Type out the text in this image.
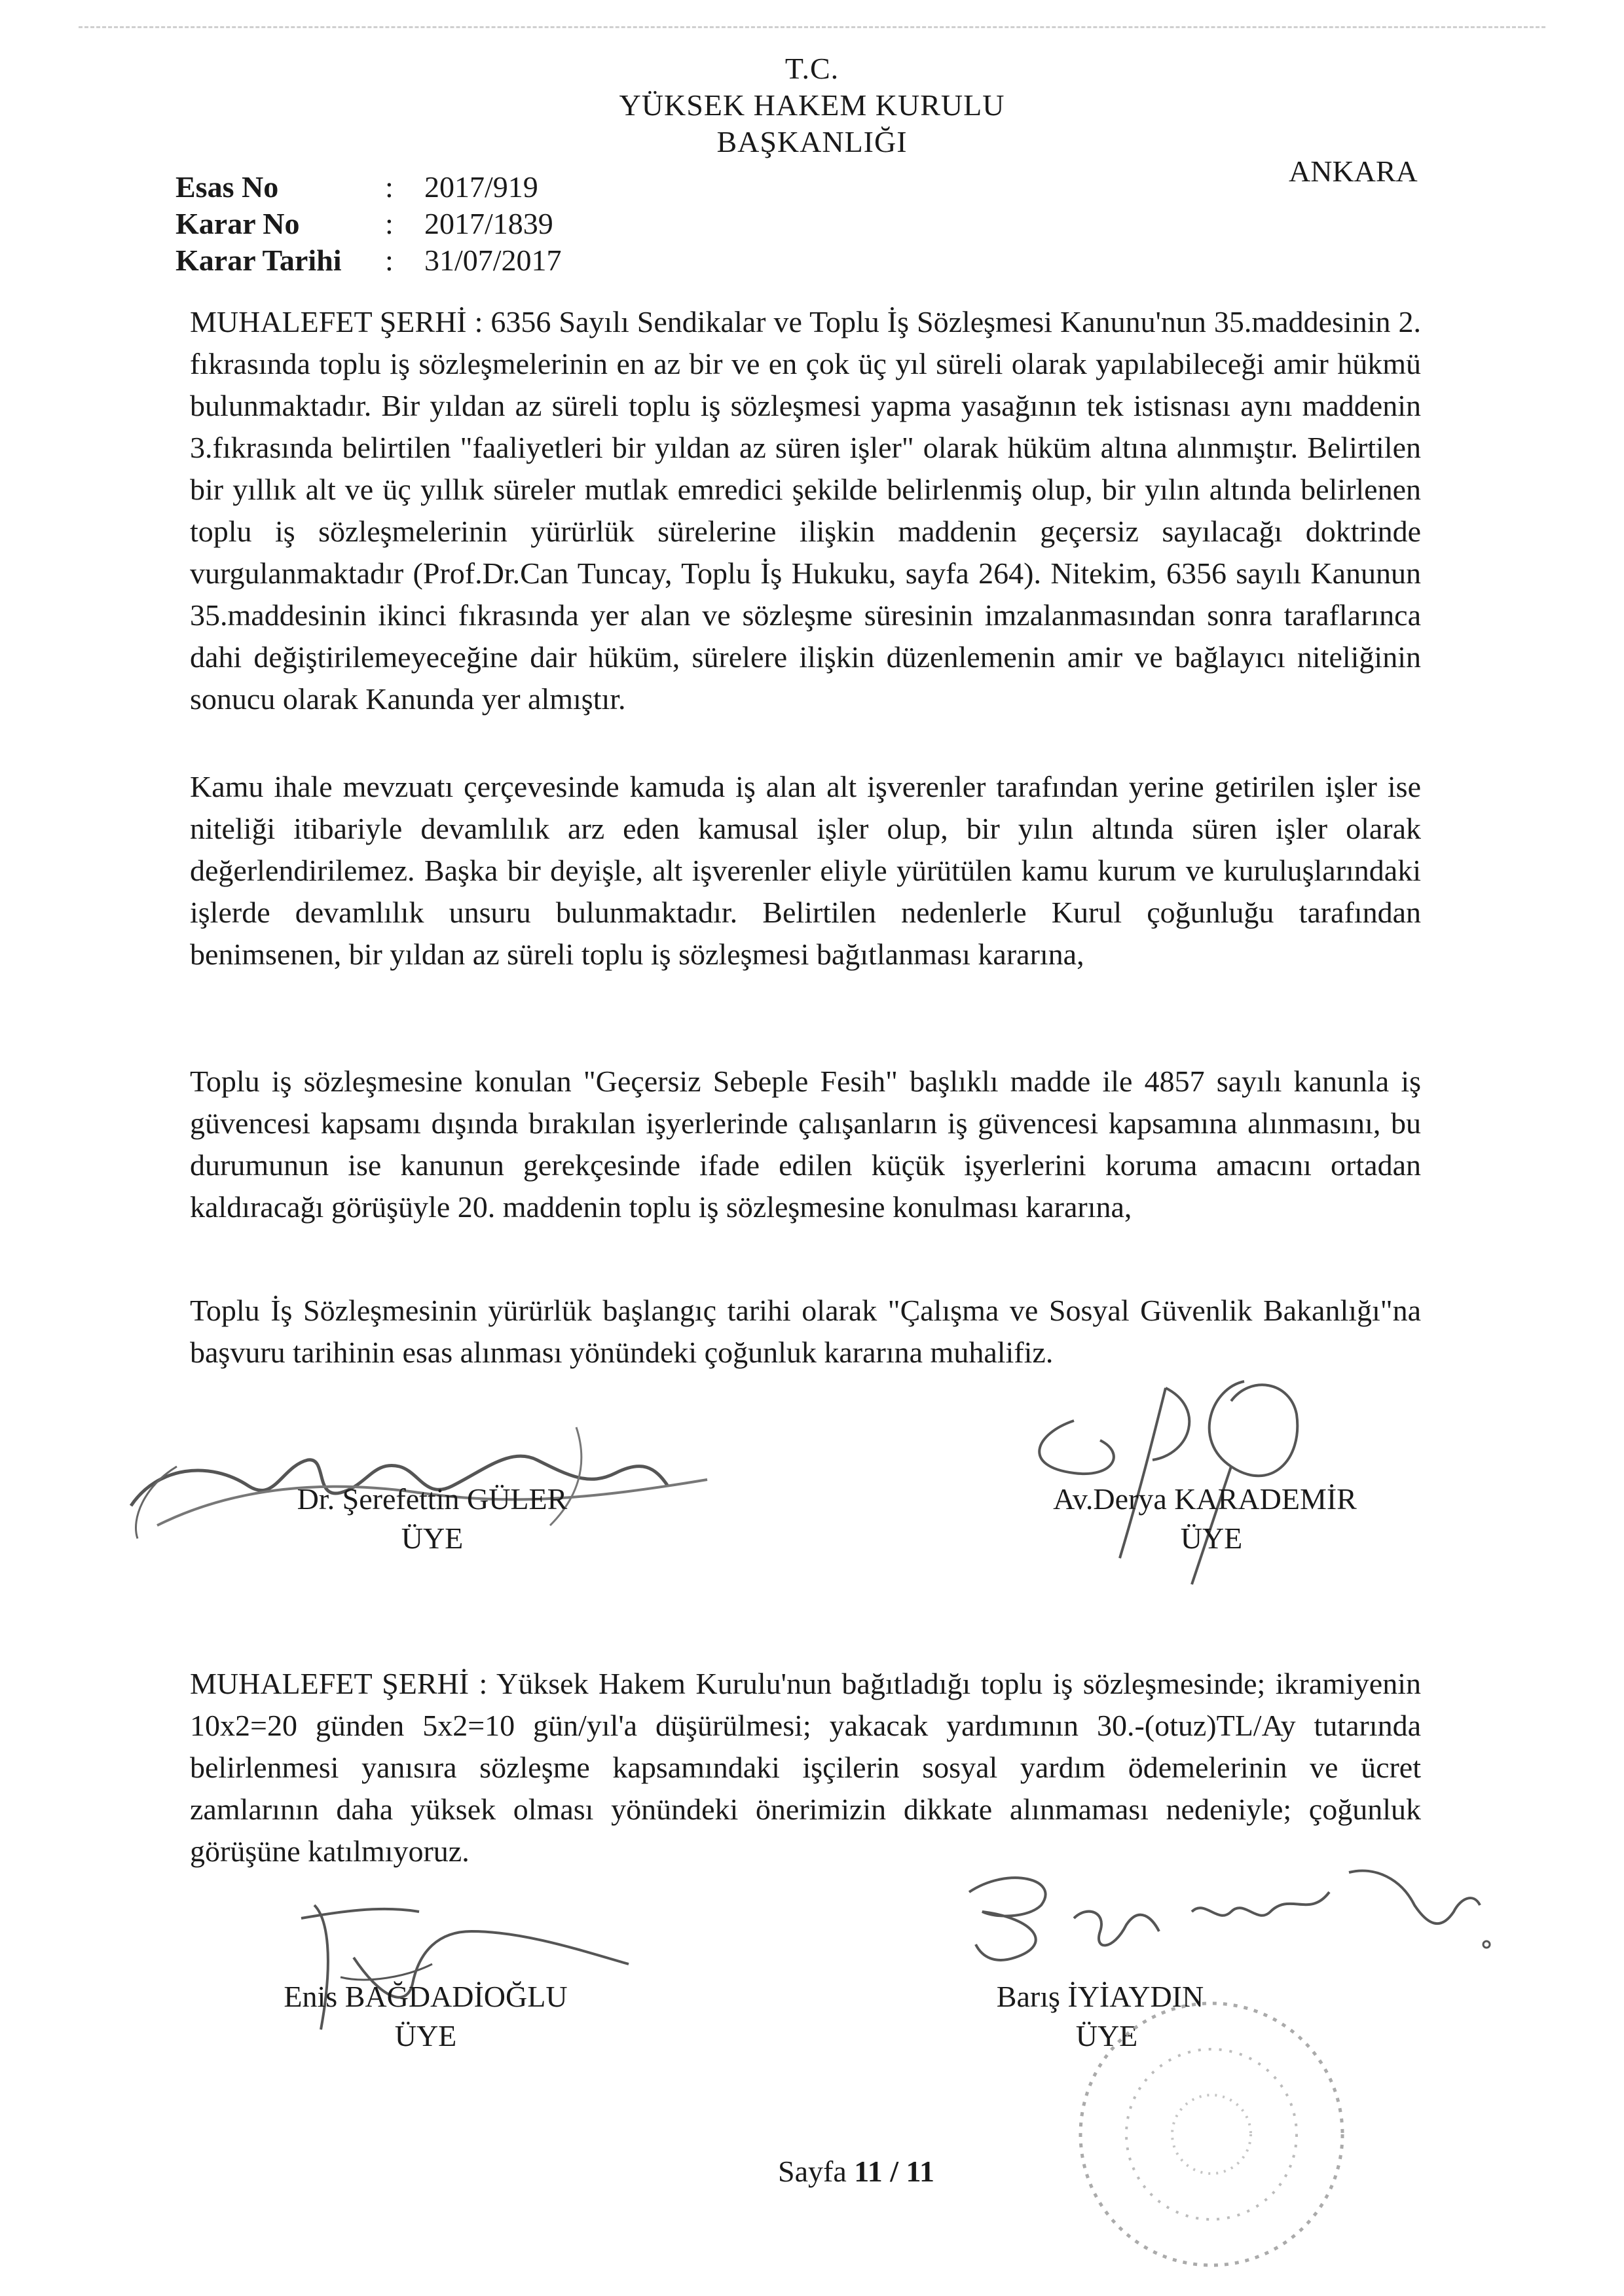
T.C.
YÜKSEK HAKEM KURULU
BAŞKANLIĞI
ANKARA
Esas No	: 2017/919
Karar No	: 2017/1839
Karar Tarihi : 31/07/2017

MUHALEFET ŞERHİ : 6356 Sayılı Sendikalar ve Toplu İş Sözleşmesi Kanunu'nun 35.maddesinin 2. fıkrasında toplu iş sözleşmelerinin en az bir ve en çok üç yıl süreli olarak yapılabileceği amir hükmü bulunmaktadır. Bir yıldan az süreli toplu iş sözleşmesi yapma yasağının tek istisnası aynı maddenin 3.fıkrasında belirtilen "faaliyetleri bir yıldan az süren işler" olarak hüküm altına alınmıştır. Belirtilen bir yıllık alt ve üç yıllık süreler mutlak emredici şekilde belirlenmiş olup, bir yılın altında belirlenen toplu iş sözleşmelerinin yürürlük sürelerine ilişkin maddenin geçersiz sayılacağı doktrinde vurgulanmaktadır (Prof.Dr.Can Tuncay, Toplu İş Hukuku, sayfa 264). Nitekim, 6356 sayılı Kanunun 35.maddesinin ikinci fıkrasında yer alan ve sözleşme süresinin imzalanmasından sonra taraflarınca dahi değiştirilemeyeceğine dair hüküm, sürelere ilişkin düzenlemenin amir ve bağlayıcı niteliğinin sonucu olarak Kanunda yer almıştır.

Kamu ihale mevzuatı çerçevesinde kamuda iş alan alt işverenler tarafından yerine getirilen işler ise niteliği itibariyle devamlılık arz eden kamusal işler olup, bir yılın altında süren işler olarak değerlendirilemez. Başka bir deyişle, alt işverenler eliyle yürütülen kamu kurum ve kuruluşlarındaki işlerde devamlılık unsuru bulunmaktadır. Belirtilen nedenlerle Kurul çoğunluğu tarafından benimsenen, bir yıldan az süreli toplu iş sözleşmesi bağıtlanması kararına,

Toplu iş sözleşmesine konulan "Geçersiz Sebeple Fesih" başlıklı madde ile 4857 sayılı kanunla iş güvencesi kapsamı dışında bırakılan işyerlerinde çalışanların iş güvencesi kapsamına alınmasını, bu durumunun ise kanunun gerekçesinde ifade edilen küçük işyerlerini koruma amacını ortadan kaldıracağı görüşüyle 20. maddenin toplu iş sözleşmesine konulması kararına,

Toplu İş Sözleşmesinin yürürlük başlangıç tarihi olarak "Çalışma ve Sosyal Güvenlik Bakanlığı"na başvuru tarihinin esas alınması yönündeki çoğunluk kararına muhalifiz.

Dr. Şerefettin GÜLER
ÜYE
Av.Derya KARADEMİR
ÜYE

MUHALEFET ŞERHİ : Yüksek Hakem Kurulu'nun bağıtladığı toplu iş sözleşmesinde; ikramiyenin 10x2=20 günden 5x2=10 gün/yıl'a düşürülmesi; yakacak yardımının 30.-(otuz)TL/Ay tutarında belirlenmesi yanısıra sözleşme kapsamındaki işçilerin sosyal yardım ödemelerinin ve ücret zamlarının daha yüksek olması yönündeki önerimizin dikkate alınmaması nedeniyle; çoğunluk görüşüne katılmıyoruz.

Enis BAĞDADİOĞLU
ÜYE
Barış İYİAYDIN
ÜYE
Sayfa 11 / 11
